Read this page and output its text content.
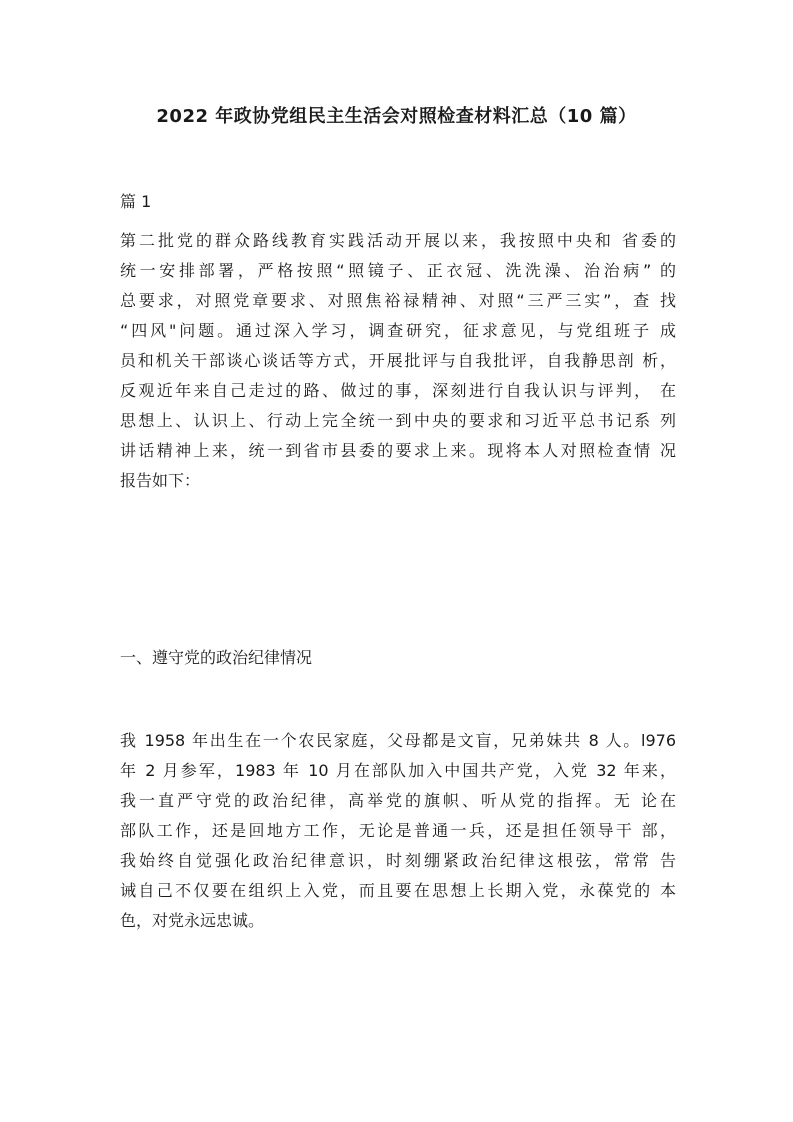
2022 年政协党组民主生活会对照检查材料汇总（10 篇）

篇 1

第二批党的群众路线教育实践活动开展以来，我按照中央和 省委的
统一安排部署，严格按照“照镜子、正衣冠、洗洗澡、治治病” 的
总要求，对照党章要求、对照焦裕禄精神、对照“三严三实”，查 找
“四风"问题。通过深入学习，调查研究，征求意见，与党组班子 成
员和机关干部谈心谈话等方式，开展批评与自我批评，自我静思剖 析，
反观近年来自己走过的路、做过的事，深刻进行自我认识与评判， 在
思想上、认识上、行动上完全统一到中央的要求和习近平总书记系 列
讲话精神上来，统一到省市县委的要求上来。现将本人对照检查情 况
报告如下：

一、遵守党的政治纪律情况

我 1958 年出生在一个农民家庭，父母都是文盲，兄弟妹共 8 人。l976
年 2 月参军，1983 年 10 月在部队加入中国共产党，入党 32 年来，
我一直严守党的政治纪律，高举党的旗帜、听从党的指挥。无 论在
部队工作，还是回地方工作，无论是普通一兵，还是担任领导干 部，
我始终自觉强化政治纪律意识，时刻绷紧政治纪律这根弦，常常 告
诫自己不仅要在组织上入党，而且要在思想上长期入党，永葆党的 本
色，对党永远忠诚。
